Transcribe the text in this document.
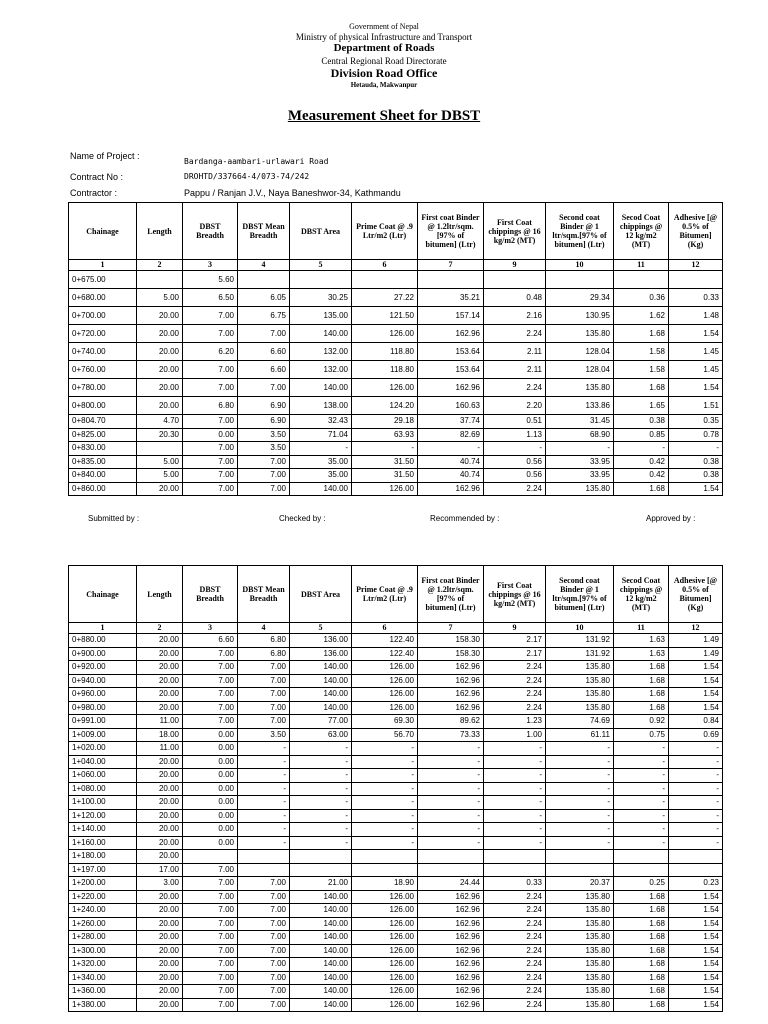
Government of Nepal
Ministry of physical Infrastructure and Transport
Department of Roads
Central Regional Road Directorate
Division Road Office
Hetauda, Makwanpur
Measurement Sheet for DBST
Name of Project :
Bardanga-aambari-urlawari Road
Contract No :	DROHTD/337664-4/073-74/242
Contractor :	Pappu / Ranjan J.V., Naya Baneshwor-34, Kathmandu
Chainage	Length	DBST Breadth	DBST Mean Breadth	DBST Area	Prime Coat @ .9 Ltr/m2 (Ltr)	First coat Binder @ 1.2ltr/sqm. [97% of bitumen] (Ltr)	First Coat chippings @ 16 kg/m2 (MT)	Second coat Binder @ 1 ltr/sqm.[97% of bitumen] (Ltr)	Secod Coat chippings @ 12 kg/m2 (MT)	Adhesive [@ 0.5% of Bitumen] (Kg)
1	2	3	4	5	6	7	9	10	11	12
0+675.00		5.60								
0+680.00	5.00	6.50	6.05	30.25	27.22	35.21	0.48	29.34	0.36	0.33
0+700.00	20.00	7.00	6.75	135.00	121.50	157.14	2.16	130.95	1.62	1.48
0+720.00	20.00	7.00	7.00	140.00	126.00	162.96	2.24	135.80	1.68	1.54
0+740.00	20.00	6.20	6.60	132.00	118.80	153.64	2.11	128.04	1.58	1.45
0+760.00	20.00	7.00	6.60	132.00	118.80	153.64	2.11	128.04	1.58	1.45
0+780.00	20.00	7.00	7.00	140.00	126.00	162.96	2.24	135.80	1.68	1.54
0+800.00	20.00	6.80	6.90	138.00	124.20	160.63	2.20	133.86	1.65	1.51
0+804.70	4.70	7.00	6.90	32.43	29.18	37.74	0.51	31.45	0.38	0.35
0+825.00	20.30	0.00	3.50	71.04	63.93	82.69	1.13	68.90	0.85	0.78
0+830.00		7.00	3.50	-	-	-	-	-	-	-
0+835.00	5.00	7.00	7.00	35.00	31.50	40.74	0.56	33.95	0.42	0.38
0+840.00	5.00	7.00	7.00	35.00	31.50	40.74	0.56	33.95	0.42	0.38
0+860.00	20.00	7.00	7.00	140.00	126.00	162.96	2.24	135.80	1.68	1.54
Submitted by :	Checked by :	Recommended by :	Approved by :
Chainage	Length	DBST Breadth	DBST Mean Breadth	DBST Area	Prime Coat @ .9 Ltr/m2 (Ltr)	First coat Binder @ 1.2ltr/sqm. [97% of bitumen] (Ltr)	First Coat chippings @ 16 kg/m2 (MT)	Second coat Binder @ 1 ltr/sqm.[97% of bitumen] (Ltr)	Secod Coat chippings @ 12 kg/m2 (MT)	Adhesive [@ 0.5% of Bitumen] (Kg)
1	2	3	4	5	6	7	9	10	11	12
0+880.00	20.00	6.60	6.80	136.00	122.40	158.30	2.17	131.92	1.63	1.49
0+900.00	20.00	7.00	6.80	136.00	122.40	158.30	2.17	131.92	1.63	1.49
0+920.00	20.00	7.00	7.00	140.00	126.00	162.96	2.24	135.80	1.68	1.54
0+940.00	20.00	7.00	7.00	140.00	126.00	162.96	2.24	135.80	1.68	1.54
0+960.00	20.00	7.00	7.00	140.00	126.00	162.96	2.24	135.80	1.68	1.54
0+980.00	20.00	7.00	7.00	140.00	126.00	162.96	2.24	135.80	1.68	1.54
0+991.00	11.00	7.00	7.00	77.00	69.30	89.62	1.23	74.69	0.92	0.84
1+009.00	18.00	0.00	3.50	63.00	56.70	73.33	1.00	61.11	0.75	0.69
1+020.00	11.00	0.00	-	-	-	-	-	-	-	-
1+040.00	20.00	0.00	-	-	-	-	-	-	-	-
1+060.00	20.00	0.00	-	-	-	-	-	-	-	-
1+080.00	20.00	0.00	-	-	-	-	-	-	-	-
1+100.00	20.00	0.00	-	-	-	-	-	-	-	-
1+120.00	20.00	0.00	-	-	-	-	-	-	-	-
1+140.00	20.00	0.00	-	-	-	-	-	-	-	-
1+160.00	20.00	0.00	-	-	-	-	-	-	-	-
1+180.00	20.00									
1+197.00	17.00	7.00								
1+200.00	3.00	7.00	7.00	21.00	18.90	24.44	0.33	20.37	0.25	0.23
1+220.00	20.00	7.00	7.00	140.00	126.00	162.96	2.24	135.80	1.68	1.54
1+240.00	20.00	7.00	7.00	140.00	126.00	162.96	2.24	135.80	1.68	1.54
1+260.00	20.00	7.00	7.00	140.00	126.00	162.96	2.24	135.80	1.68	1.54
1+280.00	20.00	7.00	7.00	140.00	126.00	162.96	2.24	135.80	1.68	1.54
1+300.00	20.00	7.00	7.00	140.00	126.00	162.96	2.24	135.80	1.68	1.54
1+320.00	20.00	7.00	7.00	140.00	126.00	162.96	2.24	135.80	1.68	1.54
1+340.00	20.00	7.00	7.00	140.00	126.00	162.96	2.24	135.80	1.68	1.54
1+360.00	20.00	7.00	7.00	140.00	126.00	162.96	2.24	135.80	1.68	1.54
1+380.00	20.00	7.00	7.00	140.00	126.00	162.96	2.24	135.80	1.68	1.54
